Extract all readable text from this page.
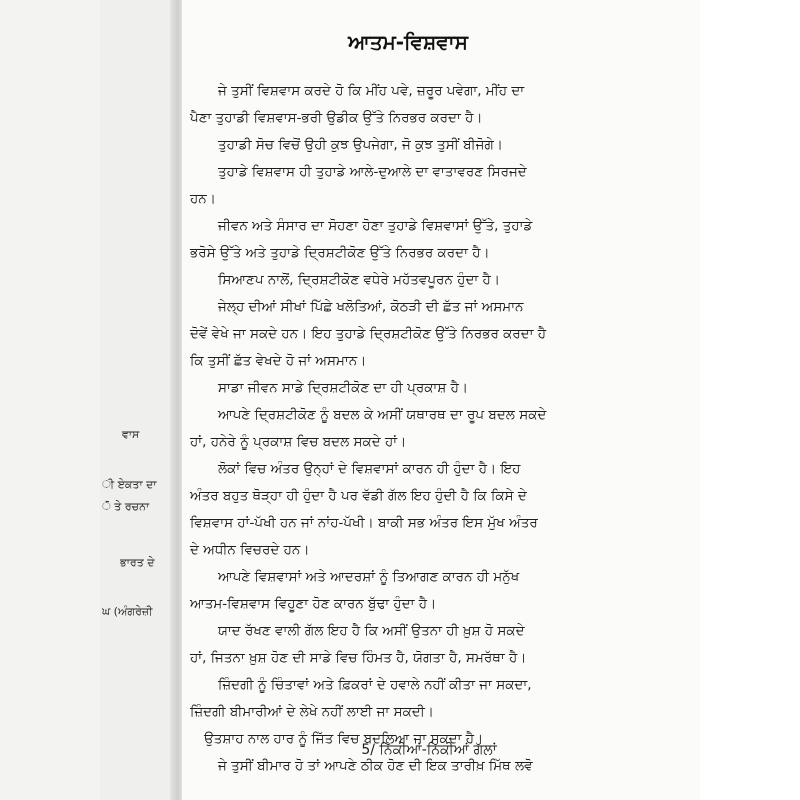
ਵਾਸ
ੀ ਏਕਤਾ ਦਾ
ੋ ਤੇ ਰਚਨਾ
ਭਾਰਤ ਦੇ
ਘ (ਅੰਗਰੇਜ਼ੀ
ਆਤਮ-ਵਿਸ਼ਵਾਸ
ਜੇ ਤੁਸੀਂ ਵਿਸ਼ਵਾਸ ਕਰਦੇ ਹੋ ਕਿ ਮੀਂਹ ਪਵੇ, ਜ਼ਰੂਰ ਪਵੇਗਾ, ਮੀਂਹ ਦਾ
ਪੈਣਾ ਤੁਹਾਡੀ ਵਿਸ਼ਵਾਸ-ਭਰੀ ਉਡੀਕ ਉੱਤੇ ਨਿਰਭਰ ਕਰਦਾ ਹੈ।
ਤੁਹਾਡੀ ਸੋਚ ਵਿਚੋਂ ਉਹੀ ਕੁਝ ਉਪਜੇਗਾ, ਜੋ ਕੁਝ ਤੁਸੀਂ ਬੀਜੋਗੇ।
ਤੁਹਾਡੇ ਵਿਸ਼ਵਾਸ ਹੀ ਤੁਹਾਡੇ ਆਲੇ-ਦੁਆਲੇ ਦਾ ਵਾਤਾਵਰਣ ਸਿਰਜਦੇ
ਹਨ।
ਜੀਵਨ ਅਤੇ ਸੰਸਾਰ ਦਾ ਸੋਹਣਾ ਹੋਣਾ ਤੁਹਾਡੇ ਵਿਸ਼ਵਾਸਾਂ ਉੱਤੇ, ਤੁਹਾਡੇ
ਭਰੋਸੇ ਉੱਤੇ ਅਤੇ ਤੁਹਾਡੇ ਦ੍ਰਿਸ਼ਟੀਕੋਣ ਉੱਤੇ ਨਿਰਭਰ ਕਰਦਾ ਹੈ।
ਸਿਆਣਪ ਨਾਲੋਂ, ਦ੍ਰਿਸ਼ਟੀਕੋਣ ਵਧੇਰੇ ਮਹੱਤਵਪੂਰਨ ਹੁੰਦਾ ਹੈ।
ਜੇਲ੍ਹ ਦੀਆਂ ਸੀਖਾਂ ਪਿੱਛੇ ਖਲੋਤਿਆਂ, ਕੋਠੜੀ ਦੀ ਛੱਤ ਜਾਂ ਅਸਮਾਨ
ਦੋਵੇਂ ਵੇਖੇ ਜਾ ਸਕਦੇ ਹਨ। ਇਹ ਤੁਹਾਡੇ ਦ੍ਰਿਸ਼ਟੀਕੋਣ ਉੱਤੇ ਨਿਰਭਰ ਕਰਦਾ ਹੈ
ਕਿ ਤੁਸੀਂ ਛੱਤ ਵੇਖਦੇ ਹੋ ਜਾਂ ਅਸਮਾਨ।
ਸਾਡਾ ਜੀਵਨ ਸਾਡੇ ਦ੍ਰਿਸ਼ਟੀਕੋਣ ਦਾ ਹੀ ਪ੍ਰਕਾਸ਼ ਹੈ।
ਆਪਣੇ ਦ੍ਰਿਸ਼ਟੀਕੋਣ ਨੂੰ ਬਦਲ ਕੇ ਅਸੀਂ ਯਥਾਰਥ ਦਾ ਰੂਪ ਬਦਲ ਸਕਦੇ
ਹਾਂ, ਹਨੇਰੇ ਨੂੰ ਪ੍ਰਕਾਸ਼ ਵਿਚ ਬਦਲ ਸਕਦੇ ਹਾਂ।
ਲੋਕਾਂ ਵਿਚ ਅੰਤਰ ਉਨ੍ਹਾਂ ਦੇ ਵਿਸ਼ਵਾਸਾਂ ਕਾਰਨ ਹੀ ਹੁੰਦਾ ਹੈ। ਇਹ
ਅੰਤਰ ਬਹੁਤ ਥੋੜ੍ਹਾ ਹੀ ਹੁੰਦਾ ਹੈ ਪਰ ਵੱਡੀ ਗੱਲ ਇਹ ਹੁੰਦੀ ਹੈ ਕਿ ਕਿਸੇ ਦੇ
ਵਿਸ਼ਵਾਸ ਹਾਂ-ਪੱਖੀ ਹਨ ਜਾਂ ਨਾਂਹ-ਪੱਖੀ। ਬਾਕੀ ਸਭ ਅੰਤਰ ਇਸ ਮੁੱਖ ਅੰਤਰ
ਦੇ ਅਧੀਨ ਵਿਚਰਦੇ ਹਨ।
ਆਪਣੇ ਵਿਸ਼ਵਾਸਾਂ ਅਤੇ ਆਦਰਸ਼ਾਂ ਨੂੰ ਤਿਆਗਣ ਕਾਰਨ ਹੀ ਮਨੁੱਖ
ਆਤਮ-ਵਿਸ਼ਵਾਸ ਵਿਹੂਣਾ ਹੋਣ ਕਾਰਨ ਬੁੱਢਾ ਹੁੰਦਾ ਹੈ।
ਯਾਦ ਰੱਖਣ ਵਾਲੀ ਗੱਲ ਇਹ ਹੈ ਕਿ ਅਸੀਂ ਉਤਨਾ ਹੀ ਖ਼ੁਸ਼ ਹੋ ਸਕਦੇ
ਹਾਂ, ਜਿਤਨਾ ਖ਼ੁਸ਼ ਹੋਣ ਦੀ ਸਾਡੇ ਵਿਚ ਹਿੰਮਤ ਹੈ, ਯੋਗਤਾ ਹੈ, ਸਮਰੱਥਾ ਹੈ।
ਜ਼ਿੰਦਗੀ ਨੂੰ ਚਿੰਤਾਵਾਂ ਅਤੇ ਫ਼ਿਕਰਾਂ ਦੇ ਹਵਾਲੇ ਨਹੀਂ ਕੀਤਾ ਜਾ ਸਕਦਾ,
ਜ਼ਿੰਦਗੀ ਬੀਮਾਰੀਆਂ ਦੇ ਲੇਖੇ ਨਹੀਂ ਲਾਈ ਜਾ ਸਕਦੀ।
ਉਤਸ਼ਾਹ ਨਾਲ ਹਾਰ ਨੂੰ ਜਿੱਤ ਵਿਚ ਬਦਲਿਆ ਜਾ ਸਕਦਾ ਹੈ।
ਜੇ ਤੁਸੀਂ ਬੀਮਾਰ ਹੋ ਤਾਂ ਆਪਣੇ ਠੀਕ ਹੋਣ ਦੀ ਇਕ ਤਾਰੀਖ਼ ਮਿੱਥ ਲਵੋ
5/ ਨਿੱਕੀਆਂ-ਨਿੱਕੀਆਂ ਗੱਲਾਂ
